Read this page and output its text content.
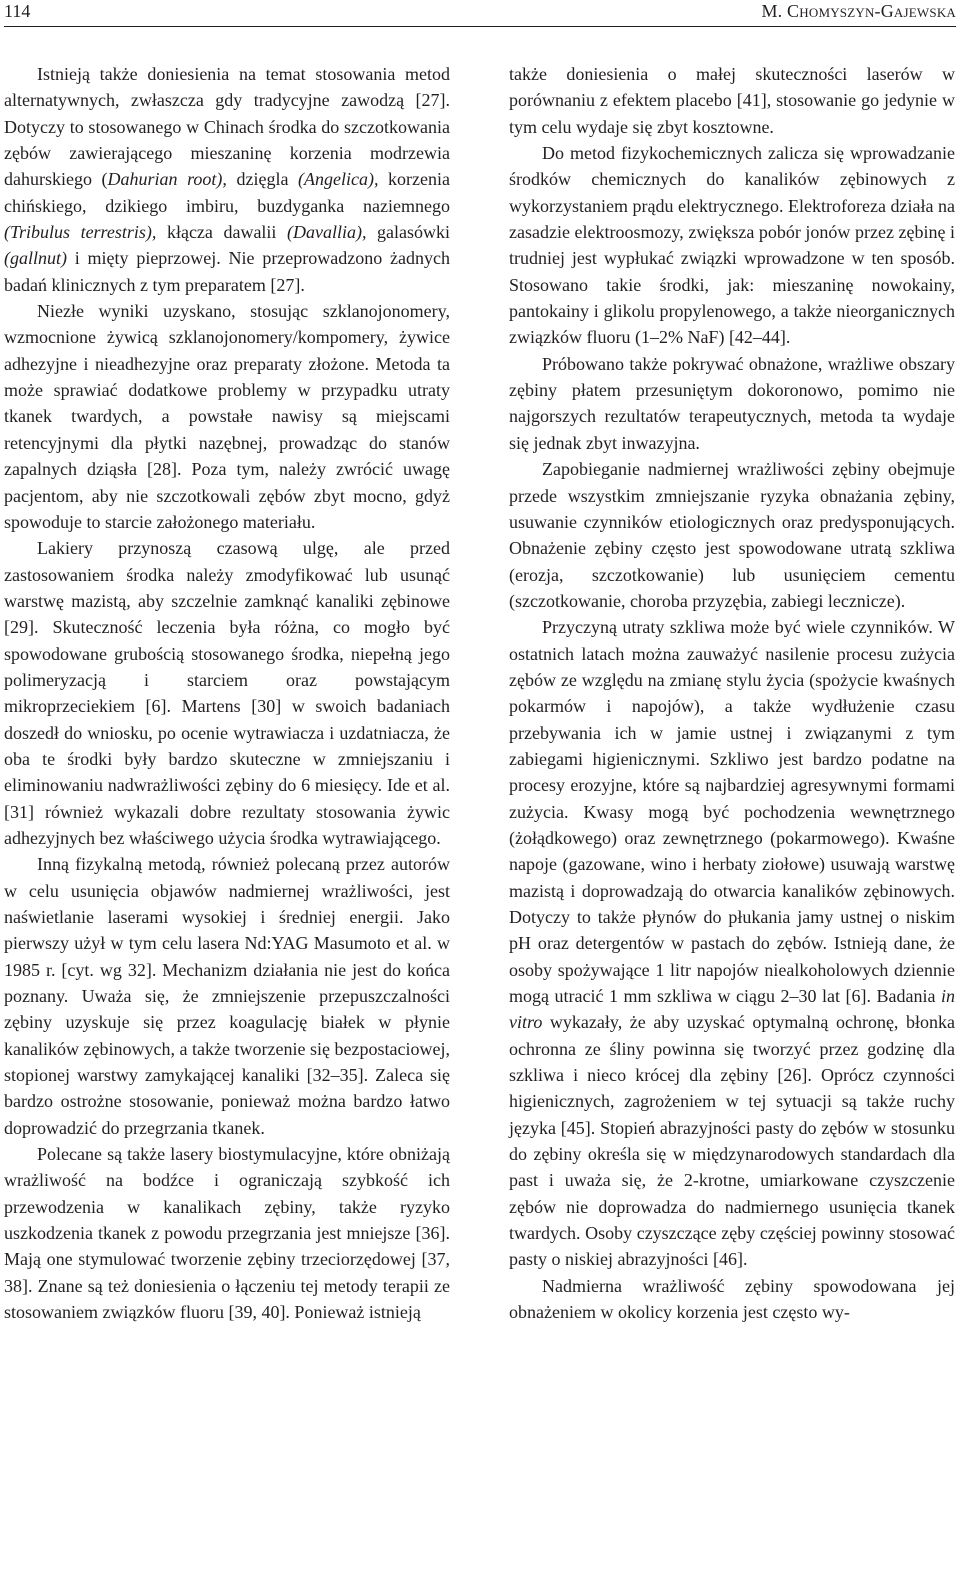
114	M. Chomyszyn-Gajewska

Istnieją także doniesienia na temat stosowania metod alternatywnych, zwłaszcza gdy tradycyjne zawodzą [27]. Dotyczy to stosowanego w Chinach środka do szczotkowania zębów zawierającego mieszaninę korzenia modrzewia dahurskiego (Dahurian root), dzięgla (Angelica), korzenia chińskiego, dzikiego imbiru, buzdyganka naziemnego (Tribulus terrestris), kłącza dawalii (Davallia), galasówki (gallnut) i mięty pieprzowej. Nie przeprowadzono żadnych badań klinicznych z tym preparatem [27].

Niezłe wyniki uzyskano, stosując szklanojonomery, wzmocnione żywicą szklanojonomery/kompomery, żywice adhezyjne i nieadhezyjne oraz preparaty złożone. Metoda ta może sprawiać dodatkowe problemy w przypadku utraty tkanek twardych, a powstałe nawisy są miejscami retencyjnymi dla płytki nazębnej, prowadząc do stanów zapalnych dziąsła [28]. Poza tym, należy zwrócić uwagę pacjentom, aby nie szczotkowali zębów zbyt mocno, gdyż spowoduje to starcie założonego materiału.

Lakiery przynoszą czasową ulgę, ale przed zastosowaniem środka należy zmodyfikować lub usunąć warstwę mazistą, aby szczelnie zamknąć kanaliki zębinowe [29]. Skuteczność leczenia była różna, co mogło być spowodowane grubością stosowanego środka, niepełną jego polimeryzacją i starciem oraz powstającym mikroprzeciekiem [6]. Martens [30] w swoich badaniach doszedł do wniosku, po ocenie wytrawiacza i uzdatniacza, że oba te środki były bardzo skuteczne w zmniejszaniu i eliminowaniu nadwrażliwości zębiny do 6 miesięcy. Ide et al. [31] również wykazali dobre rezultaty stosowania żywic adhezyjnych bez właściwego użycia środka wytrawiającego.

Inną fizykalną metodą, również polecaną przez autorów w celu usunięcia objawów nadmiernej wrażliwości, jest naświetlanie laserami wysokiej i średniej energii. Jako pierwszy użył w tym celu lasera Nd:YAG Masumoto et al. w 1985 r. [cyt. wg 32]. Mechanizm działania nie jest do końca poznany. Uważa się, że zmniejszenie przepuszczalności zębiny uzyskuje się przez koagulację białek w płynie kanalików zębinowych, a także tworzenie się bezpostaciowej, stopionej warstwy zamykającej kanaliki [32–35]. Zaleca się bardzo ostrożne stosowanie, ponieważ można bardzo łatwo doprowadzić do przegrzania tkanek.

Polecane są także lasery biostymulacyjne, które obniżają wrażliwość na bodźce i ograniczają szybkość ich przewodzenia w kanalikach zębiny, także ryzyko uszkodzenia tkanek z powodu przegrzania jest mniejsze [36]. Mają one stymulować tworzenie zębiny trzeciorzędowej [37, 38]. Znane są też doniesienia o łączeniu tej metody terapii ze stosowaniem związków fluoru [39, 40]. Ponieważ istnieją

także doniesienia o małej skuteczności laserów w porównaniu z efektem placebo [41], stosowanie go jedynie w tym celu wydaje się zbyt kosztowne.

Do metod fizykochemicznych zalicza się wprowadzanie środków chemicznych do kanalików zębinowych z wykorzystaniem prądu elektrycznego. Elektroforeza działa na zasadzie elektroosmozy, zwiększa pobór jonów przez zębinę i trudniej jest wypłukać związki wprowadzone w ten sposób. Stosowano takie środki, jak: mieszaninę nowokainy, pantokainy i glikolu propylenowego, a także nieorganicznych związków fluoru (1–2% NaF) [42–44].

Próbowano także pokrywać obnażone, wrażliwe obszary zębiny płatem przesuniętym dokoronowo, pomimo nie najgorszych rezultatów terapeutycznych, metoda ta wydaje się jednak zbyt inwazyjna.

Zapobieganie nadmiernej wrażliwości zębiny obejmuje przede wszystkim zmniejszanie ryzyka obnażania zębiny, usuwanie czynników etiologicznych oraz predysponujących. Obnażenie zębiny często jest spowodowane utratą szkliwa (erozja, szczotkowanie) lub usunięciem cementu (szczotkowanie, choroba przyzębia, zabiegi lecznicze).

Przyczyną utraty szkliwa może być wiele czynników. W ostatnich latach można zauważyć nasilenie procesu zużycia zębów ze względu na zmianę stylu życia (spożycie kwaśnych pokarmów i napojów), a także wydłużenie czasu przebywania ich w jamie ustnej i związanymi z tym zabiegami higienicznymi. Szkliwo jest bardzo podatne na procesy erozyjne, które są najbardziej agresywnymi formami zużycia. Kwasy mogą być pochodzenia wewnętrznego (żołądkowego) oraz zewnętrznego (pokarmowego). Kwaśne napoje (gazowane, wino i herbaty ziołowe) usuwają warstwę mazistą i doprowadzają do otwarcia kanalików zębinowych. Dotyczy to także płynów do płukania jamy ustnej o niskim pH oraz detergentów w pastach do zębów. Istnieją dane, że osoby spożywające 1 litr napojów niealkoholowych dziennie mogą utracić 1 mm szkliwa w ciągu 2–30 lat [6]. Badania in vitro wykazały, że aby uzyskać optymalną ochronę, błonka ochronna ze śliny powinna się tworzyć przez godzinę dla szkliwa i nieco krócej dla zębiny [26]. Oprócz czynności higienicznych, zagrożeniem w tej sytuacji są także ruchy języka [45]. Stopień abrazyjności pasty do zębów w stosunku do zębiny określa się w międzynarodowych standardach dla past i uważa się, że 2-krotne, umiarkowane czyszczenie zębów nie doprowadza do nadmiernego usunięcia tkanek twardych. Osoby czyszczące zęby częściej powinny stosować pasty o niskiej abrazyjności [46].

Nadmierna wrażliwość zębiny spowodowana jej obnażeniem w okolicy korzenia jest często wy-
